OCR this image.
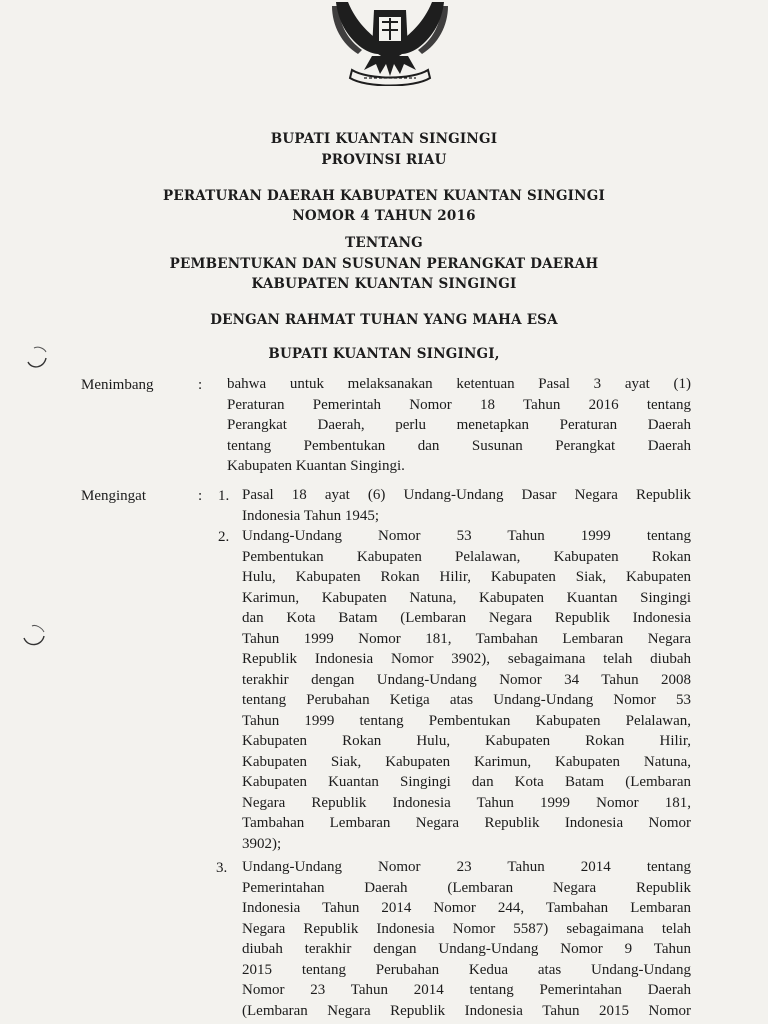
BUPATI KUANTAN SINGINGI
PROVINSI RIAU
PERATURAN DAERAH KABUPATEN KUANTAN SINGINGI
NOMOR 4 TAHUN 2016
TENTANG
PEMBENTUKAN DAN SUSUNAN PERANGKAT DAERAH
KABUPATEN KUANTAN SINGINGI
DENGAN RAHMAT TUHAN YANG MAHA ESA
BUPATI KUANTAN SINGINGI,
Menimbang	: bahwa untuk melaksanakan ketentuan Pasal 3 ayat (1)
Peraturan Pemerintah Nomor 18 Tahun 2016 tentang
Perangkat Daerah, perlu menetapkan Peraturan Daerah
tentang Pembentukan dan Susunan Perangkat Daerah
Kabupaten Kuantan Singingi.
Mengingat	: 1. Pasal 18 ayat (6) Undang-Undang Dasar Negara Republik
Indonesia Tahun 1945;
2. Undang-Undang Nomor 53 Tahun 1999 tentang
Pembentukan Kabupaten Pelalawan, Kabupaten Rokan
Hulu, Kabupaten Rokan Hilir, Kabupaten Siak, Kabupaten
Karimun, Kabupaten Natuna, Kabupaten Kuantan Singingi
dan Kota Batam (Lembaran Negara Republik Indonesia
Tahun 1999 Nomor 181, Tambahan Lembaran Negara
Republik Indonesia Nomor 3902), sebagaimana telah diubah
terakhir dengan Undang-Undang Nomor 34 Tahun 2008
tentang Perubahan Ketiga atas Undang-Undang Nomor 53
Tahun 1999 tentang Pembentukan Kabupaten Pelalawan,
Kabupaten Rokan Hulu, Kabupaten Rokan Hilir,
Kabupaten Siak, Kabupaten Karimun, Kabupaten Natuna,
Kabupaten Kuantan Singingi dan Kota Batam (Lembaran
Negara Republik Indonesia Tahun 1999 Nomor 181,
Tambahan Lembaran Negara Republik Indonesia Nomor
3902);
3. Undang-Undang Nomor 23 Tahun 2014 tentang
Pemerintahan Daerah (Lembaran Negara Republik
Indonesia Tahun 2014 Nomor 244, Tambahan Lembaran
Negara Republik Indonesia Nomor 5587) sebagaimana telah
diubah terakhir dengan Undang-Undang Nomor 9 Tahun
2015 tentang Perubahan Kedua atas Undang-Undang
Nomor 23 Tahun 2014 tentang Pemerintahan Daerah
(Lembaran Negara Republik Indonesia Tahun 2015 Nomor
